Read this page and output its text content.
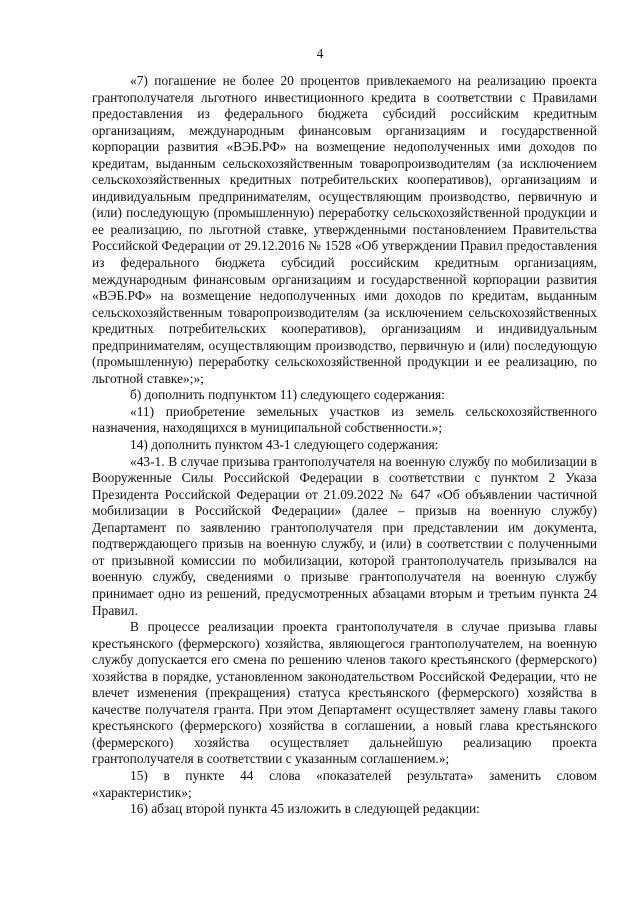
4

«7) погашение не более 20 процентов привлекаемого на реализацию проекта грантополучателя льготного инвестиционного кредита в соответствии с Правилами предоставления из федерального бюджета субсидий российским кредитным организациям, международным финансовым организациям и государственной корпорации развития «ВЭБ.РФ» на возмещение недополученных ими доходов по кредитам, выданным сельскохозяйственным товаропроизводителям (за исключением сельскохозяйственных кредитных потребительских кооперативов), организациям и индивидуальным предпринимателям, осуществляющим производство, первичную и (или) последующую (промышленную) переработку сельскохозяйственной продукции и ее реализацию, по льготной ставке, утвержденными постановлением Правительства Российской Федерации от 29.12.2016 № 1528 «Об утверждении Правил предоставления из федерального бюджета субсидий российским кредитным организациям, международным финансовым организациям и государственной корпорации развития «ВЭБ.РФ» на возмещение недополученных ими доходов по кредитам, выданным сельскохозяйственным товаропроизводителям (за исключением сельскохозяйственных кредитных потребительских кооперативов), организациям и индивидуальным предпринимателям, осуществляющим производство, первичную и (или) последующую (промышленную) переработку сельскохозяйственной продукции и ее реализацию, по льготной ставке»;»;

б) дополнить подпунктом 11) следующего содержания:

«11) приобретение земельных участков из земель сельскохозяйственного назначения, находящихся в муниципальной собственности.»;

14) дополнить пунктом 43-1 следующего содержания:

«43-1. В случае призыва грантополучателя на военную службу по мобилизации в Вооруженные Силы Российской Федерации в соответствии с пунктом 2 Указа Президента Российской Федерации от 21.09.2022 № 647 «Об объявлении частичной мобилизации в Российской Федерации» (далее – призыв на военную службу) Департамент по заявлению грантополучателя при представлении им документа, подтверждающего призыв на военную службу, и (или) в соответствии с полученными от призывной комиссии по мобилизации, которой грантополучатель призывался на военную службу, сведениями о призыве грантополучателя на военную службу принимает одно из решений, предусмотренных абзацами вторым и третьим пункта 24 Правил.

В процессе реализации проекта грантополучателя в случае призыва главы крестьянского (фермерского) хозяйства, являющегося грантополучателем, на военную службу допускается его смена по решению членов такого крестьянского (фермерского) хозяйства в порядке, установленном законодательством Российской Федерации, что не влечет изменения (прекращения) статуса крестьянского (фермерского) хозяйства в качестве получателя гранта. При этом Департамент осуществляет замену главы такого крестьянского (фермерского) хозяйства в соглашении, а новый глава крестьянского (фермерского) хозяйства осуществляет дальнейшую реализацию проекта грантополучателя в соответствии с указанным соглашением.»;

15) в пункте 44 слова «показателей результата» заменить словом «характеристик»;

16) абзац второй пункта 45 изложить в следующей редакции:
